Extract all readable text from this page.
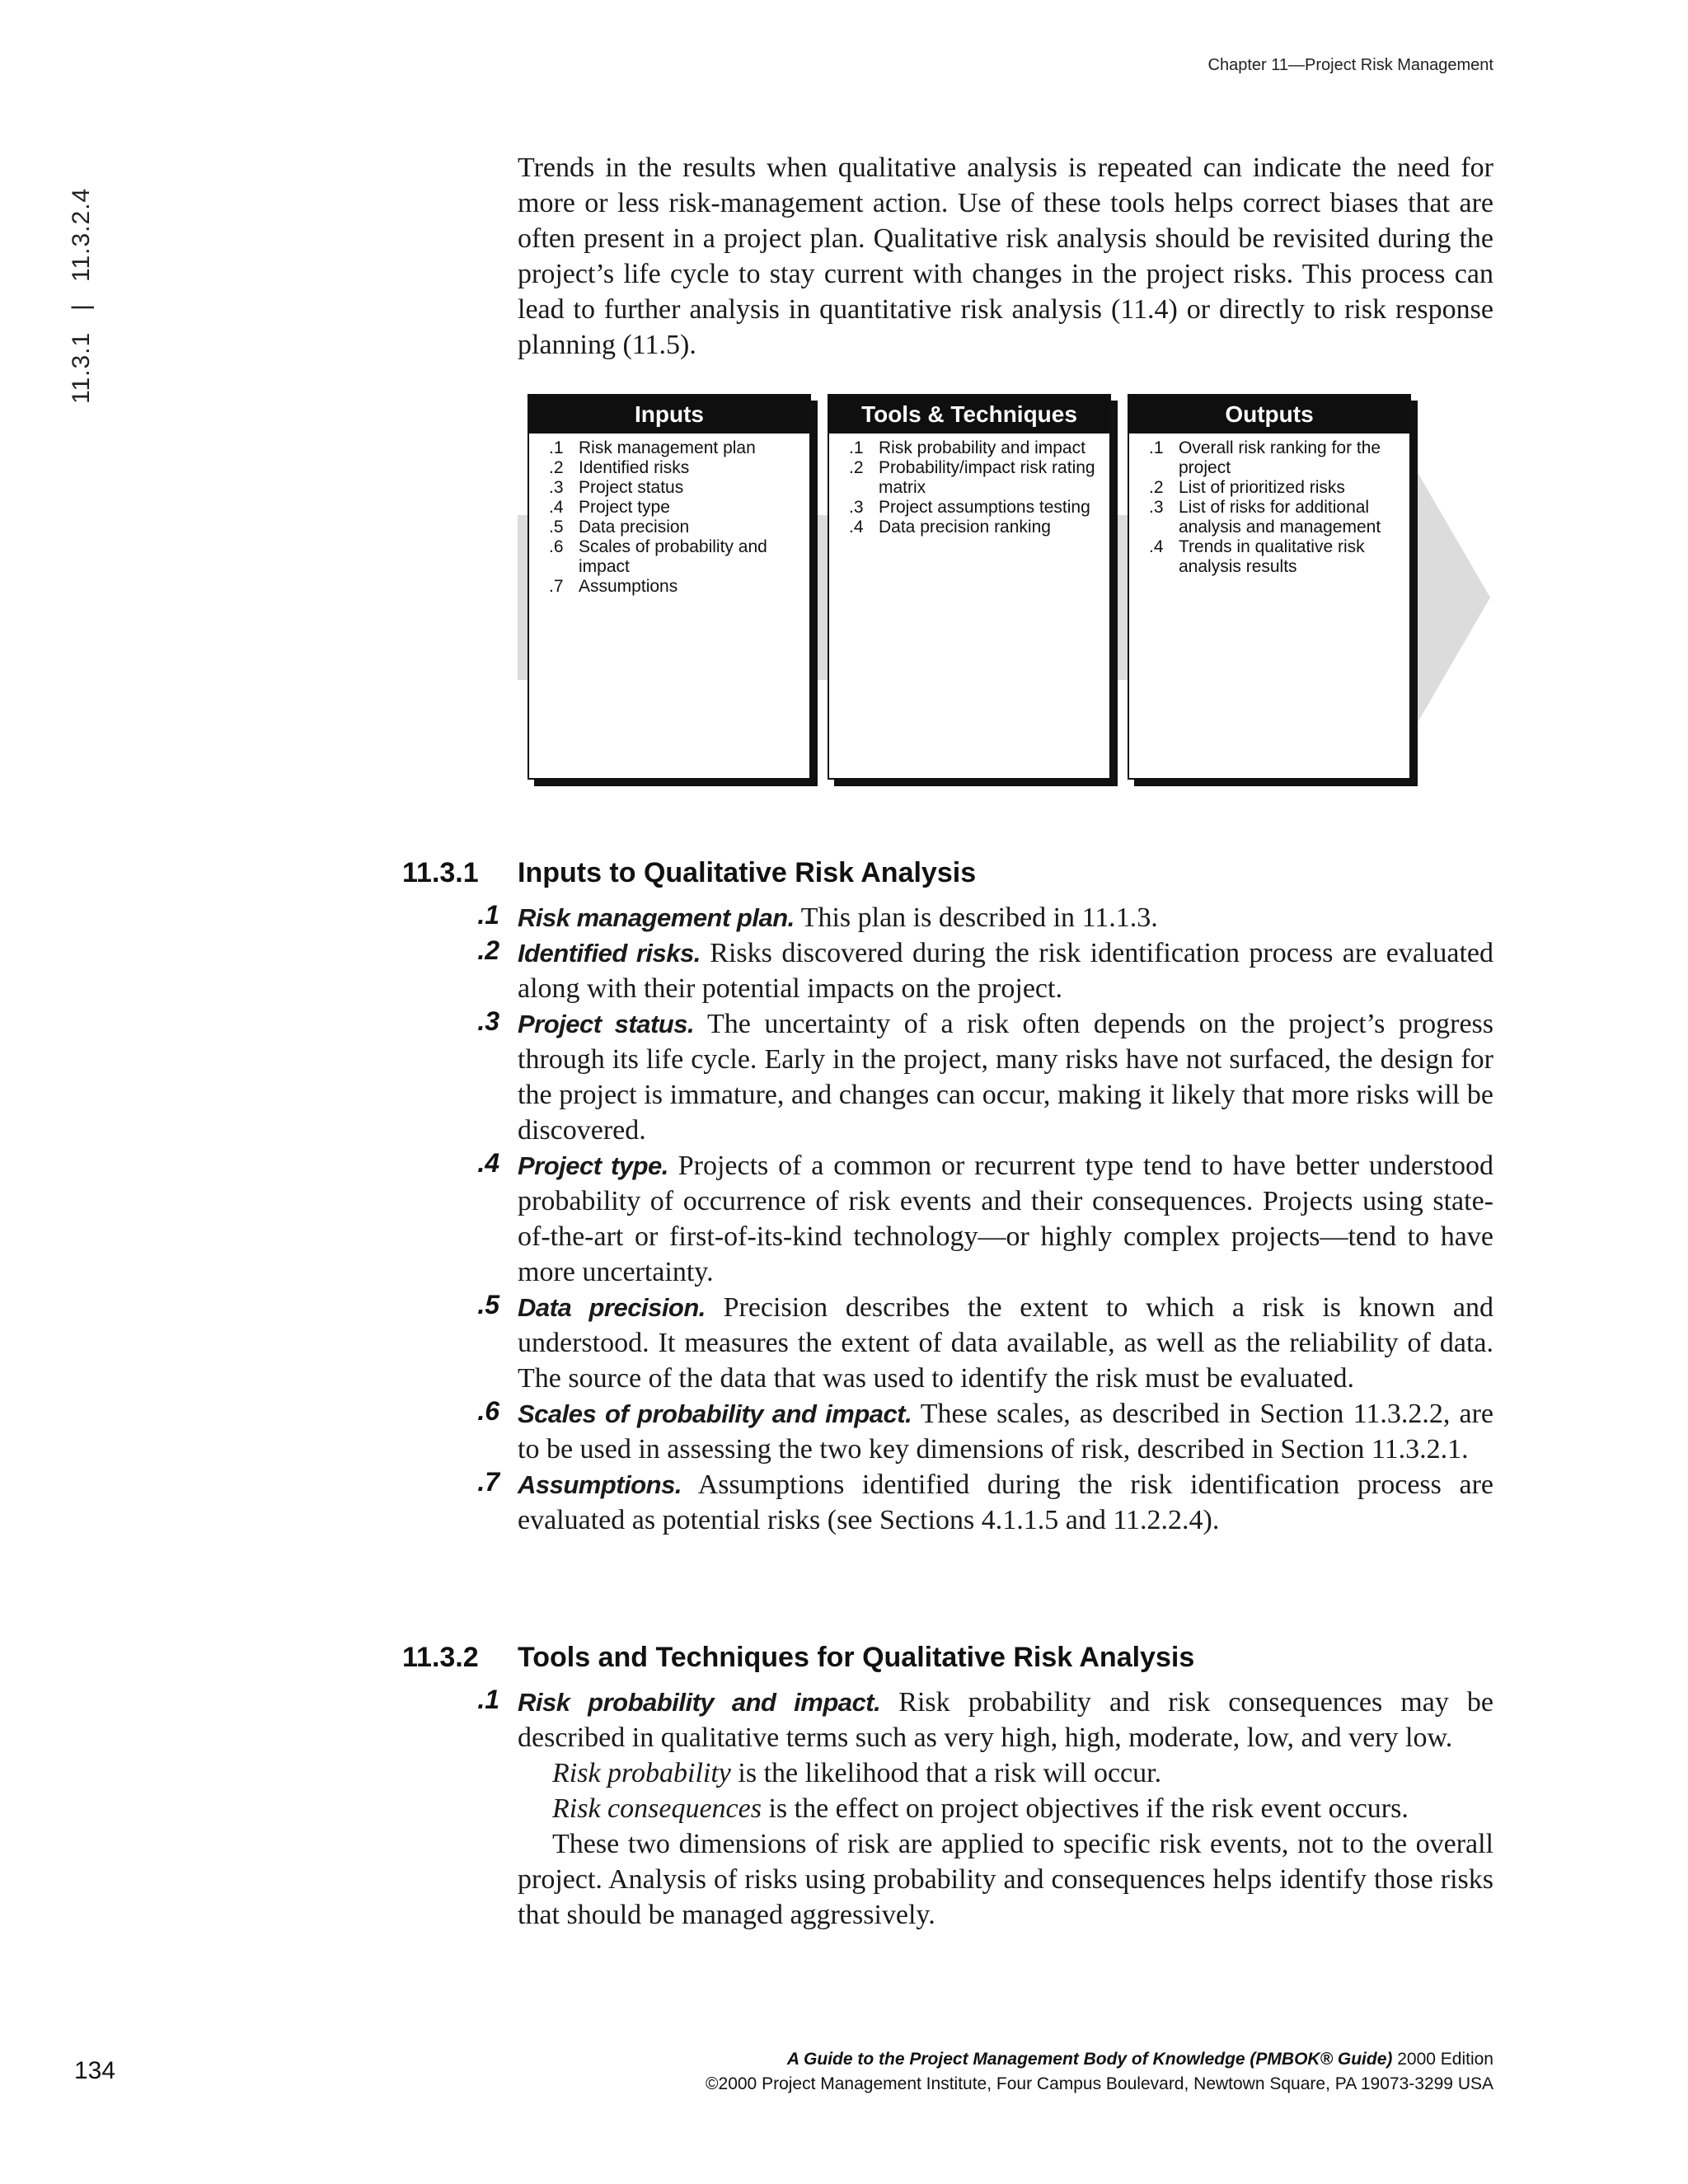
Chapter 11—Project Risk Management
11.3.1|11.3.2.4

Trends in the results when qualitative analysis is repeated can indicate the need for more or less risk-management action. Use of these tools helps correct biases that are often present in a project plan. Qualitative risk analysis should be revisited during the project’s life cycle to stay current with changes in the project risks. This process can lead to further analysis in quantitative risk analysis (11.4) or directly to risk response planning (11.5).

Inputs
.1 Risk management plan
.2 Identified risks
.3 Project status
.4 Project type
.5 Data precision
.6 Scales of probability and impact
.7 Assumptions
Tools & Techniques
.1 Risk probability and impact
.2 Probability/impact risk rating matrix
.3 Project assumptions testing
.4 Data precision ranking
Outputs
.1 Overall risk ranking for the project
.2 List of prioritized risks
.3 List of risks for additional analysis and management
.4 Trends in qualitative risk analysis results
11.3.1 Inputs to Qualitative Risk Analysis
.1 Risk management plan. This plan is described in 11.1.3.

.2 Identified risks. Risks discovered during the risk identification process are evaluated along with their potential impacts on the project.

.3 Project status. The uncertainty of a risk often depends on the project’s progress through its life cycle. Early in the project, many risks have not surfaced, the design for the project is immature, and changes can occur, making it likely that more risks will be discovered.

.4 Project type. Projects of a common or recurrent type tend to have better understood probability of occurrence of risk events and their consequences. Projects using state-of-the-art or first-of-its-kind technology—or highly complex projects—tend to have more uncertainty.

.5 Data precision. Precision describes the extent to which a risk is known and understood. It measures the extent of data available, as well as the reliability of data. The source of the data that was used to identify the risk must be evaluated.

.6 Scales of probability and impact. These scales, as described in Section 11.3.2.2, are to be used in assessing the two key dimensions of risk, described in Section 11.3.2.1.

.7 Assumptions. Assumptions identified during the risk identification process are evaluated as potential risks (see Sections 4.1.1.5 and 11.2.2.4).

11.3.2 Tools and Techniques for Qualitative Risk Analysis
.1 Risk probability and impact. Risk probability and risk consequences may be described in qualitative terms such as very high, high, moderate, low, and very low.

Risk probability is the likelihood that a risk will occur.

Risk consequences is the effect on project objectives if the risk event occurs.

These two dimensions of risk are applied to specific risk events, not to the overall project. Analysis of risks using probability and consequences helps identify those risks that should be managed aggressively.

A Guide to the Project Management Body of Knowledge (PMBOK® Guide) 2000 Edition
©2000 Project Management Institute, Four Campus Boulevard, Newtown Square, PA 19073-3299 USA
134
